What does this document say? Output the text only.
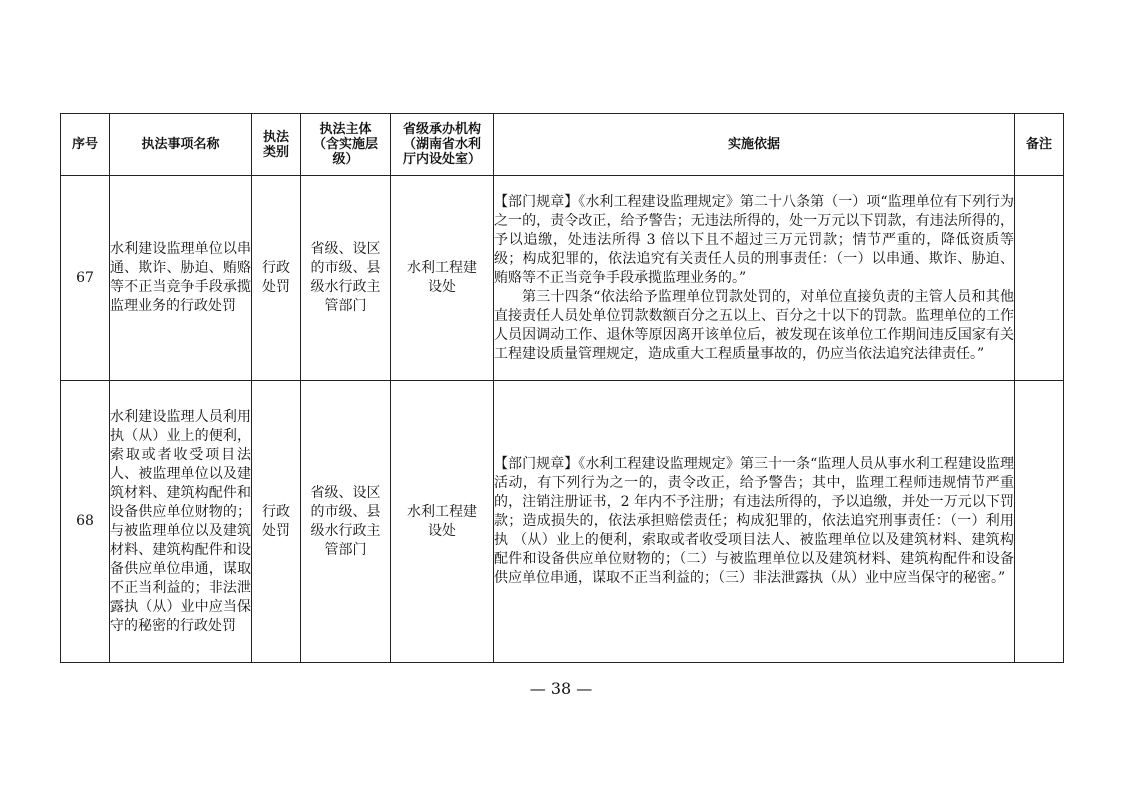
序号	执法事项名称	执法类别	执法主体（含实施层级）	省级承办机构（湖南省水利厅内设处室）	实施依据	备注
67	水利建设监理单位以串通、欺诈、胁迫、贿赂等不正当竞争手段承揽监理业务的行政处罚	行政处罚	省级、设区的市级、县级水行政主管部门	水利工程建设处	【部门规章】《水利工程建设监理规定》第二十八条第（一）项“监理单位有下列行为之一的，责令改正，给予警告；无违法所得的，处一万元以下罚款，有违法所得的，予以追缴，处违法所得 3 倍以下且不超过三万元罚款；情节严重的，降低资质等级；构成犯罪的，依法追究有关责任人员的刑事责任：（一）以串通、欺诈、胁迫、贿赂等不正当竞争手段承揽监理业务的。”

第三十四条“依法给予监理单位罚款处罚的，对单位直接负责的主管人员和其他直接责任人员处单位罚款数额百分之五以上、百分之十以下的罚款。监理单位的工作人员因调动工作、退休等原因离开该单位后，被发现在该单位工作期间违反国家有关工程建设质量管理规定，造成重大工程质量事故的，仍应当依法追究法律责任。”	

68	水利建设监理人员利用执（从）业上的便利，索取或者收受项目法人、被监理单位以及建筑材料、建筑构配件和设备供应单位财物的；与被监理单位以及建筑材料、建筑构配件和设备供应单位串通，谋取不正当利益的；非法泄露执（从）业中应当保守的秘密的行政处罚	行政处罚	省级、设区的市级、县级水行政主管部门	水利工程建设处	【部门规章】《水利工程建设监理规定》第三十一条“监理人员从事水利工程建设监理活动，有下列行为之一的，责令改正，给予警告；其中，监理工程师违规情节严重的，注销注册证书，2 年内不予注册；有违法所得的，予以追缴，并处一万元以下罚款；造成损失的，依法承担赔偿责任；构成犯罪的，依法追究刑事责任：（一）利用执 （从）业上的便利，索取或者收受项目法人、被监理单位以及建筑材料、建筑构配件和设备供应单位财物的；（二）与被监理单位以及建筑材料、建筑构配件和设备供应单位串通，谋取不正当利益的；（三）非法泄露执（从）业中应当保守的秘密。”	

— 38 —
